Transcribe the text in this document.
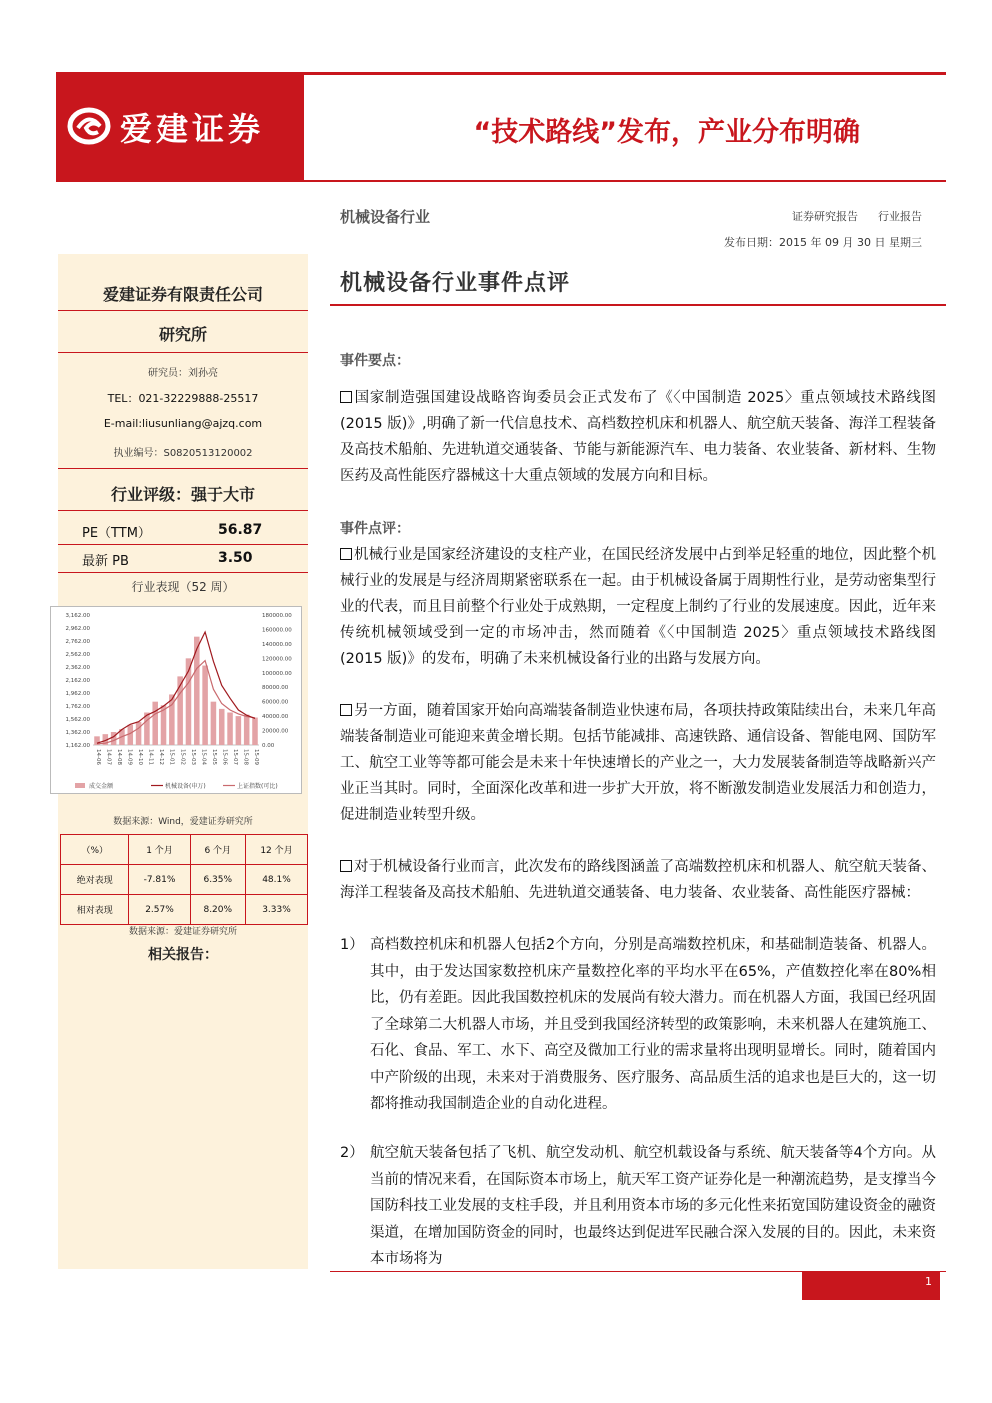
爱建证券	“技术路线”发布，产业分布明确
机械设备行业	证券研究报告 行业报告
发布日期：2015 年 09 月 30 日 星期三
爱建证券有限责任公司
研究所
研究员：刘孙亮
TEL：021-32229888-25517
E-mail:liusunliang@ajzq.com
执业编号：S0820513120002
行业评级：强于大市
PE（TTM）	56.87
最新 PB	3.50
行业表现（52 周）
数据来源：Wind，爱建证券研究所
数据来源：爱建证券研究所
相关报告：
3,162.00
2,962.00
2,762.00
2,562.00
2,362.00
2,162.00
1,962.00
1,762.00
1,562.00
1,362.00
1,162.00
180000.00
160000.00
140000.00
120000.00
100000.00
80000.00
60000.00
40000.00
20000.00
0.00
14-06 14-07 14-08 14-09 14-10 14-11 14-12 15-01 15-02 15-03 15-04 15-05 15-06 15-07 15-08 15-09
成交金额	机械设备(申万)	上证指数(可比)
（%）	1 个月	6 个月	12 个月
绝对表现	-7.81%	6.35%	48.1%
相对表现	2.57%	8.20%	3.33%
机械设备行业事件点评
事件要点：
国家制造强国建设战略咨询委员会正式发布了《〈中国制造 2025〉重点领域技术路线图(2015 版)》,明确了新一代信息技术、高档数控机床和机器人、航空航天装备、海洋工程装备及高技术船舶、先进轨道交通装备、节能与新能源汽车、电力装备、农业装备、新材料、生物医药及高性能医疗器械这十大重点领域的发展方向和目标。
事件点评：
机械行业是国家经济建设的支柱产业，在国民经济发展中占到举足轻重的地位，因此整个机械行业的发展是与经济周期紧密联系在一起。由于机械设备属于周期性行业，是劳动密集型行业的代表，而且目前整个行业处于成熟期，一定程度上制约了行业的发展速度。因此，近年来传统机械领域受到一定的市场冲击，然而随着《〈中国制造 2025〉重点领域技术路线图(2015 版)》的发布，明确了未来机械设备行业的出路与发展方向。
另一方面，随着国家开始向高端装备制造业快速布局，各项扶持政策陆续出台，未来几年高端装备制造业可能迎来黄金增长期。包括节能减排、高速铁路、通信设备、智能电网、国防军工、航空工业等等都可能会是未来十年快速增长的产业之一，大力发展装备制造等战略新兴产业正当其时。同时，全面深化改革和进一步扩大开放，将不断激发制造业发展活力和创造力，促进制造业转型升级。
对于机械设备行业而言，此次发布的路线图涵盖了高端数控机床和机器人、航空航天装备、海洋工程装备及高技术船舶、先进轨道交通装备、电力装备、农业装备、高性能医疗器械：
1） 高档数控机床和机器人包括2个方向，分别是高端数控机床，和基础制造装备、机器人。其中，由于发达国家数控机床产量数控化率的平均水平在65%，产值数控化率在80%相比，仍有差距。因此我国数控机床的发展尚有较大潜力。而在机器人方面，我国已经巩固了全球第二大机器人市场，并且受到我国经济转型的政策影响，未来机器人在建筑施工、石化、食品、军工、水下、高空及微加工行业的需求量将出现明显增长。同时，随着国内中产阶级的出现，未来对于消费服务、医疗服务、高品质生活的追求也是巨大的，这一切都将推动我国制造企业的自动化进程。
2） 航空航天装备包括了飞机、航空发动机、航空机载设备与系统、航天装备等4个方向。从当前的情况来看，在国际资本市场上，航天军工资产证券化是一种潮流趋势，是支撑当今国防科技工业发展的支柱手段，并且利用资本市场的多元化性来拓宽国防建设资金的融资渠道，在增加国防资金的同时，也最终达到促进军民融合深入发展的目的。因此，未来资本市场将为
1
